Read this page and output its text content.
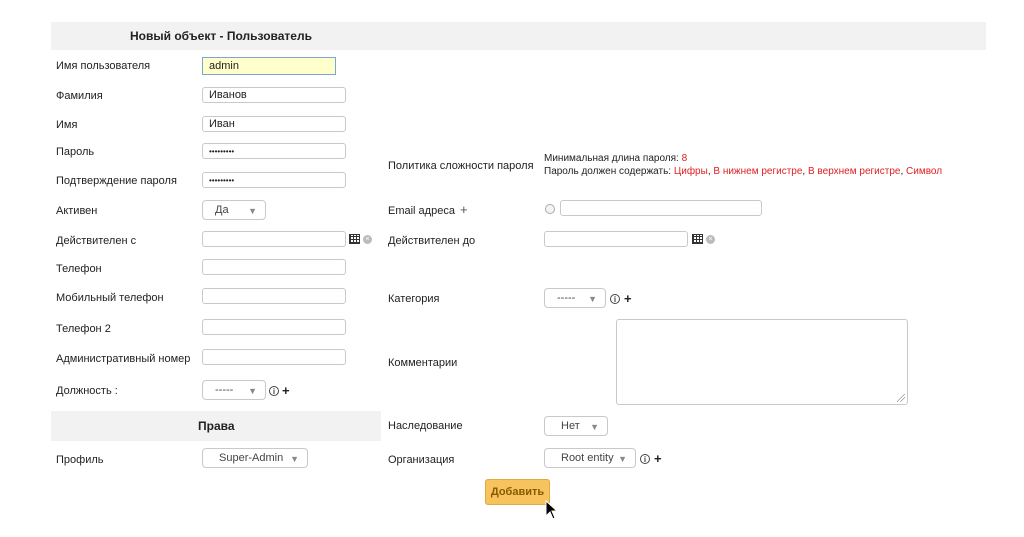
Новый объект - Пользователь
Имя пользователя	admin
Фамилия	Иванов
Имя	Иван
Пароль	•••••••••
Подтверждение пароля	•••••••••
Активен	Да ▼
Действителен с	×
Телефон
Мобильный телефон
Телефон 2
Административный номер
Должность :	----- ▼	i +
Права
Профиль	Super-Admin ▼
Политика сложности пароля
Минимальная длина пароля: 8
Пароль должен содержать: Цифры, В нижнем регистре, В верхнем регистре, Символ
Email адреса +
Действителен до	×
Категория	----- ▼	i +
Комментарии
Наследование	Нет ▼
Организация	Root entity ▼	i +
Добавить
